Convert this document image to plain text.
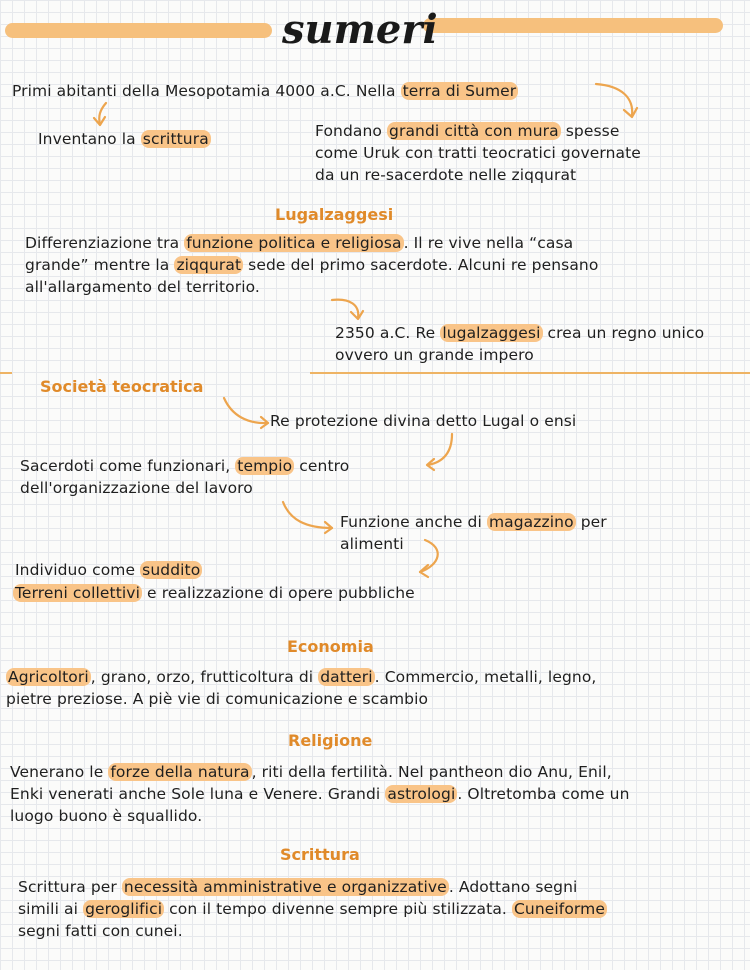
sumeri
Primi abitanti della Mesopotamia 4000 a.C. Nella terra di Sumer
Inventano la scrittura	Fondano grandi città con mura spesse
come Uruk con tratti teocratici governate
da un re-sacerdote nelle ziqqurat
Lugalzaggesi
Differenziazione tra funzione politica e religiosa . Il re vive nella “casa
grande” mentre la ziqqurat sede del primo sacerdote. Alcuni re pensano
all'allargamento del territorio.
2350 a.C. Re lugalzaggesi crea un regno unico
ovvero un grande impero
Società teocratica
Re protezione divina detto Lugal o ensi
Sacerdoti come funzionari, tempio centro
dell'organizzazione del lavoro
Funzione anche di magazzino per
alimenti
Individuo come suddito
Terreni collettivi e realizzazione di opere pubbliche
Economia
Agricoltori , grano, orzo, frutticoltura di datteri . Commercio, metalli, legno,
pietre preziose. A piè vie di comunicazione e scambio
Religione
Venerano le forze della natura , riti della fertilità. Nel pantheon dio Anu, Enil,
Enki venerati anche Sole luna e Venere. Grandi astrologi . Oltretomba come un
luogo buono è squallido.
Scrittura
Scrittura per necessità amministrative e organizzative . Adottano segni
simili ai geroglifici con il tempo divenne sempre più stilizzata. Cuneiforme
segni fatti con cunei.
